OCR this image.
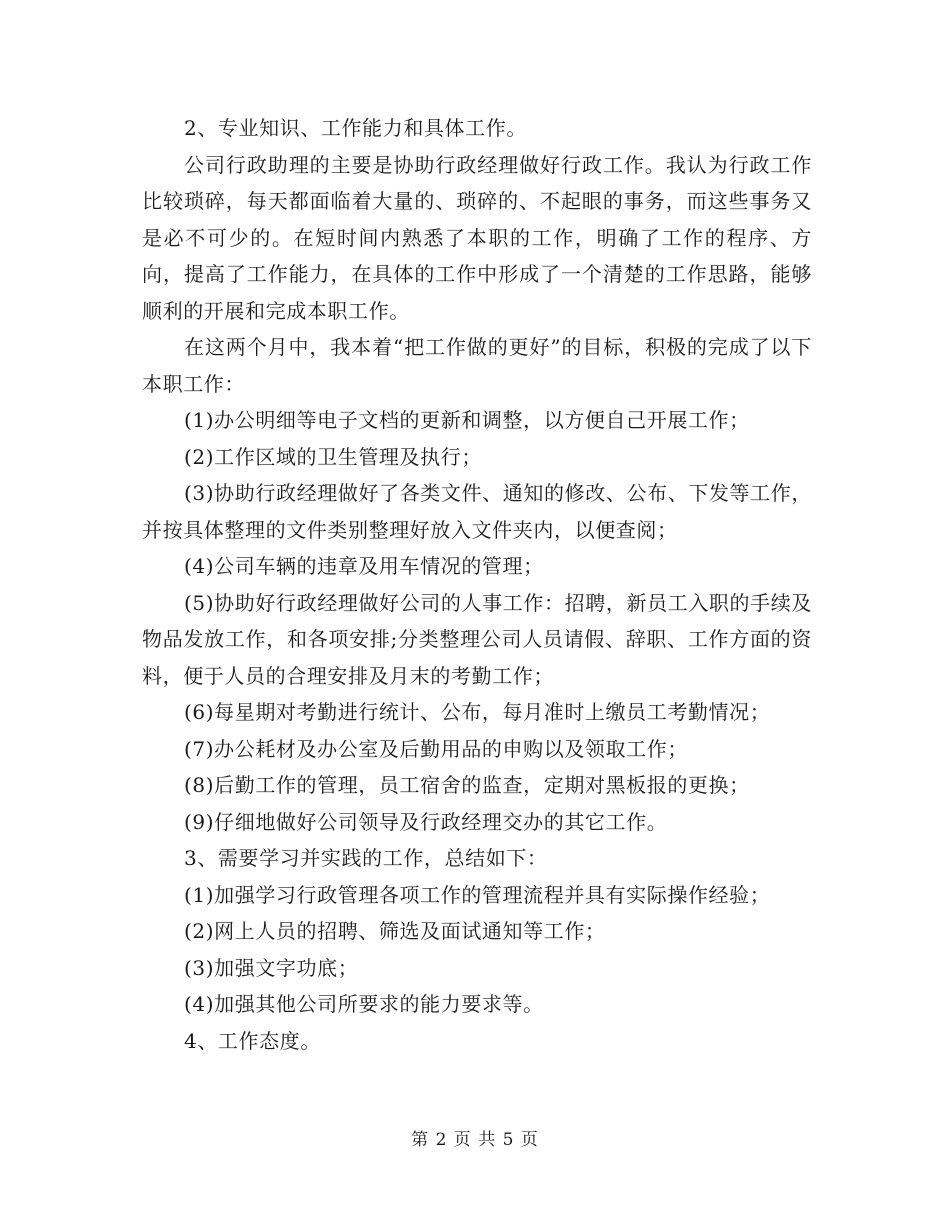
2、专业知识、工作能力和具体工作。

公司行政助理的主要是协助行政经理做好行政工作。我认为行政工作比较琐碎，每天都面临着大量的、琐碎的、不起眼的事务，而这些事务又是必不可少的。在短时间内熟悉了本职的工作，明确了工作的程序、方向，提高了工作能力，在具体的工作中形成了一个清楚的工作思路，能够顺利的开展和完成本职工作。

在这两个月中，我本着“把工作做的更好”的目标，积极的完成了以下本职工作：

(1)办公明细等电子文档的更新和调整，以方便自己开展工作；

(2)工作区域的卫生管理及执行；

(3)协助行政经理做好了各类文件、通知的修改、公布、下发等工作，并按具体整理的文件类别整理好放入文件夹内，以便查阅；

(4)公司车辆的违章及用车情况的管理；

(5)协助好行政经理做好公司的人事工作：招聘，新员工入职的手续及物品发放工作，和各项安排;分类整理公司人员请假、辞职、工作方面的资料，便于人员的合理安排及月末的考勤工作；

(6)每星期对考勤进行统计、公布，每月准时上缴员工考勤情况；

(7)办公耗材及办公室及后勤用品的申购以及领取工作；

(8)后勤工作的管理，员工宿舍的监查，定期对黑板报的更换；

(9)仔细地做好公司领导及行政经理交办的其它工作。

3、需要学习并实践的工作，总结如下：

(1)加强学习行政管理各项工作的管理流程并具有实际操作经验；

(2)网上人员的招聘、筛选及面试通知等工作；

(3)加强文字功底；

(4)加强其他公司所要求的能力要求等。

4、工作态度。

第 2 页 共 5 页
